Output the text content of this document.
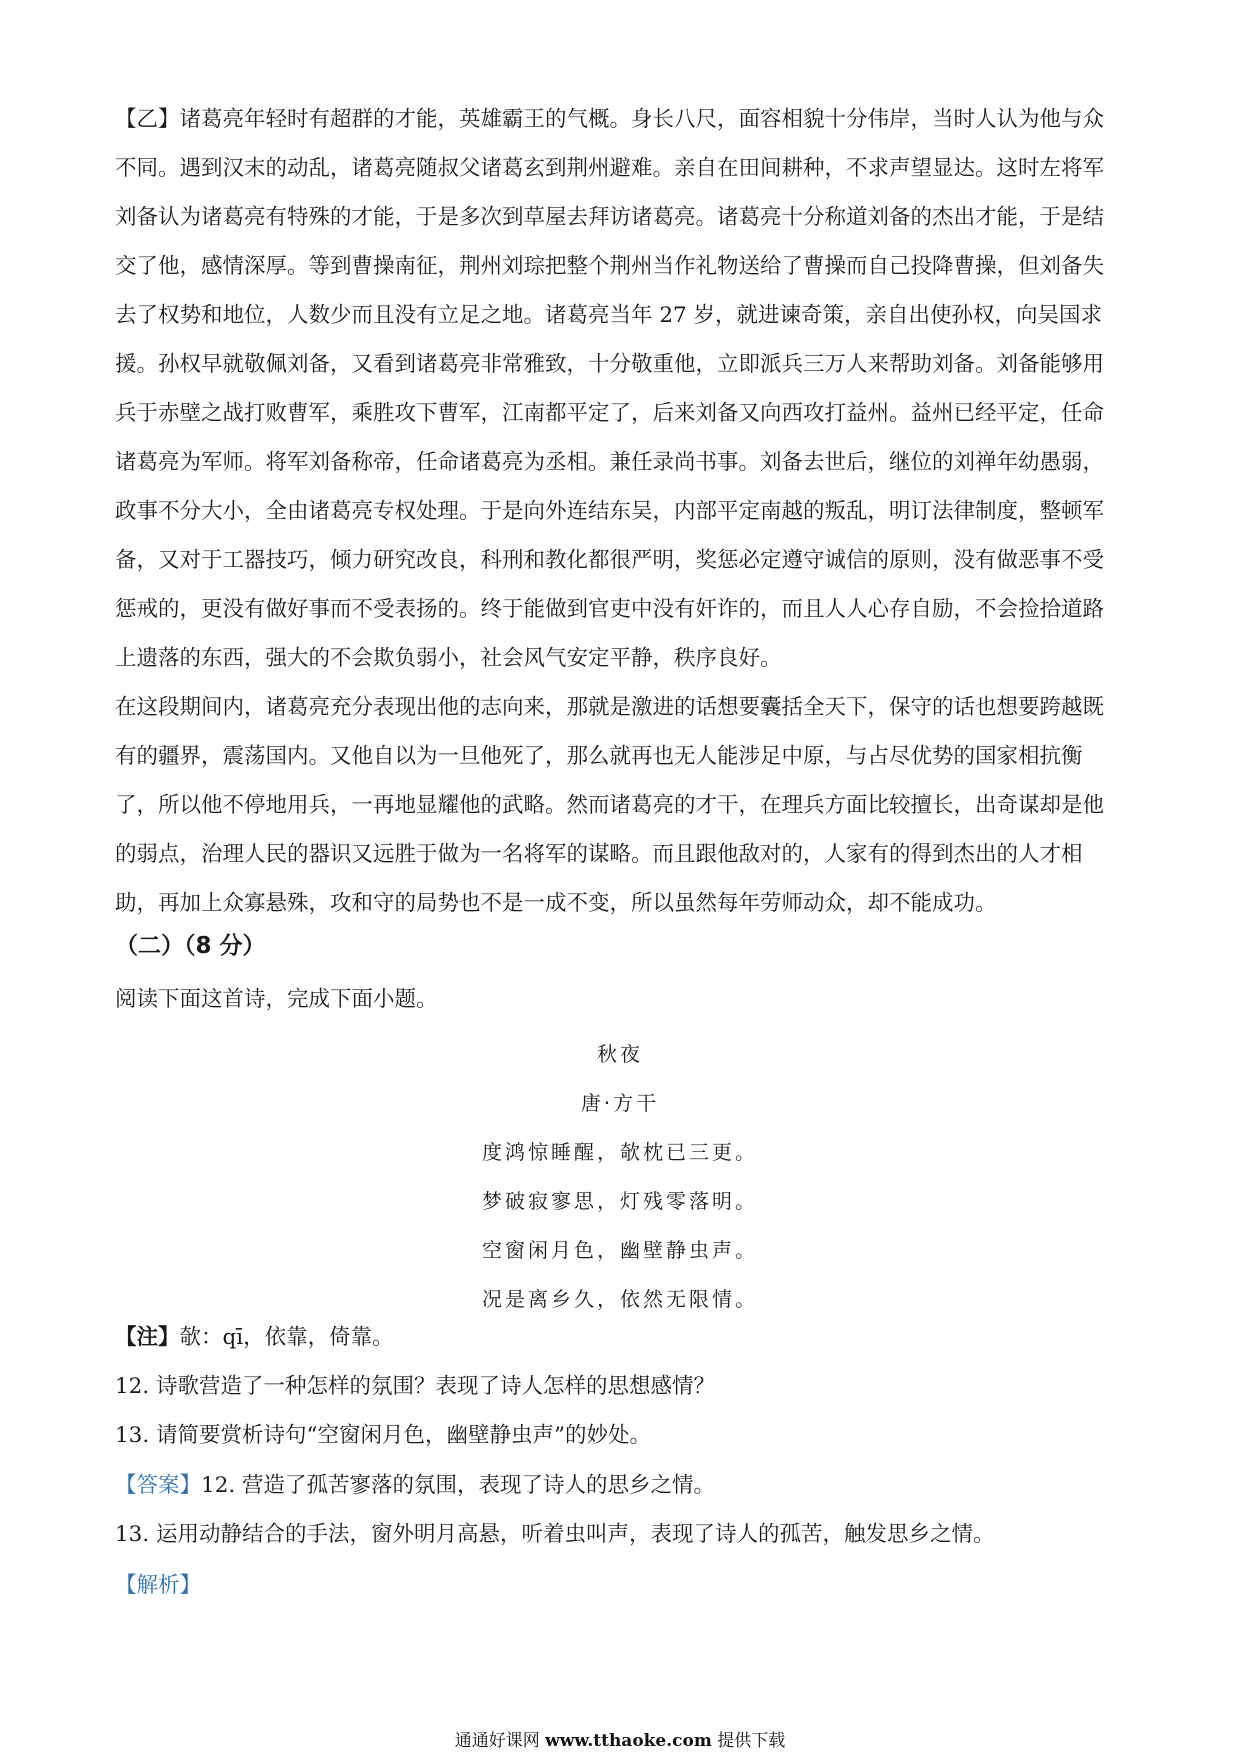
【乙】诸葛亮年轻时有超群的才能，英雄霸王的气概。身长八尺，面容相貌十分伟岸，当时人认为他与众
不同。遇到汉末的动乱，诸葛亮随叔父诸葛玄到荆州避难。亲自在田间耕种，不求声望显达。这时左将军
刘备认为诸葛亮有特殊的才能，于是多次到草屋去拜访诸葛亮。诸葛亮十分称道刘备的杰出才能，于是结
交了他，感情深厚。等到曹操南征，荆州刘琮把整个荆州当作礼物送给了曹操而自己投降曹操，但刘备失
去了权势和地位，人数少而且没有立足之地。诸葛亮当年 27 岁，就进谏奇策，亲自出使孙权，向吴国求
援。孙权早就敬佩刘备，又看到诸葛亮非常雅致，十分敬重他，立即派兵三万人来帮助刘备。刘备能够用
兵于赤壁之战打败曹军，乘胜攻下曹军，江南都平定了，后来刘备又向西攻打益州。益州已经平定，任命
诸葛亮为军师。将军刘备称帝，任命诸葛亮为丞相。兼任录尚书事。刘备去世后，继位的刘禅年幼愚弱，
政事不分大小，全由诸葛亮专权处理。于是向外连结东吴，内部平定南越的叛乱，明订法律制度，整顿军
备，又对于工器技巧，倾力研究改良，科刑和教化都很严明，奖惩必定遵守诚信的原则，没有做恶事不受
惩戒的，更没有做好事而不受表扬的。终于能做到官吏中没有奸诈的，而且人人心存自励，不会捡拾道路
上遗落的东西，强大的不会欺负弱小，社会风气安定平静，秩序良好。
在这段期间内，诸葛亮充分表现出他的志向来，那就是激进的话想要囊括全天下，保守的话也想要跨越既
有的疆界，震荡国内。又他自以为一旦他死了，那么就再也无人能涉足中原，与占尽优势的国家相抗衡
了，所以他不停地用兵，一再地显耀他的武略。然而诸葛亮的才干，在理兵方面比较擅长，出奇谋却是他
的弱点，治理人民的器识又远胜于做为一名将军的谋略。而且跟他敌对的，人家有的得到杰出的人才相
助，再加上众寡悬殊，攻和守的局势也不是一成不变，所以虽然每年劳师动众，却不能成功。
（二）（8 分）
阅读下面这首诗，完成下面小题。
秋夜
唐·方干
度鸿惊睡醒，欹枕已三更。
梦破寂寥思，灯残零落明。
空窗闲月色，幽壁静虫声。
况是离乡久，依然无限情。
【注】欹：qī，依靠，倚靠。
12. 诗歌营造了一种怎样的氛围？表现了诗人怎样的思想感情？
13. 请简要赏析诗句“空窗闲月色，幽壁静虫声”的妙处。
【答案】12. 营造了孤苦寥落的氛围，表现了诗人的思乡之情。
13. 运用动静结合的手法，窗外明月高悬，听着虫叫声，表现了诗人的孤苦，触发思乡之情。
【解析】
通通好课网 www.tthaoke.com 提供下载
